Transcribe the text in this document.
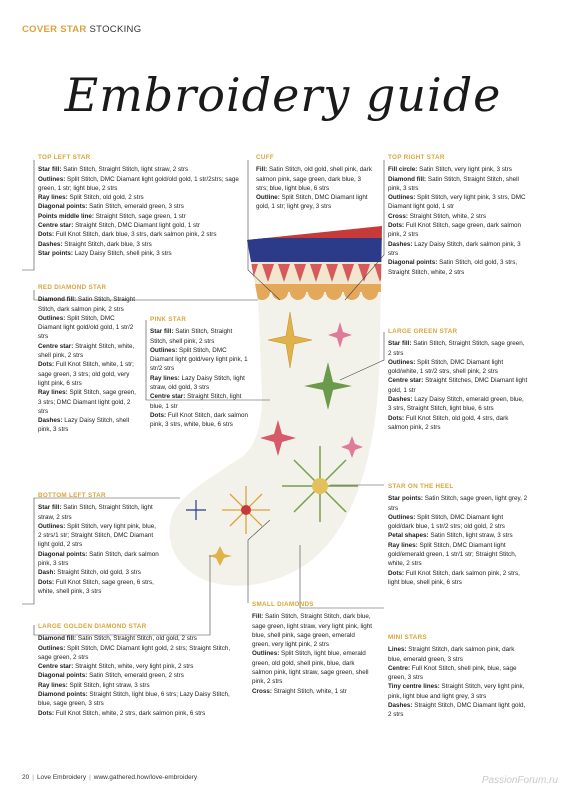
COVER STAR STOCKING
Embroidery guide
TOP LEFT STAR

Star fill: Satin Stitch, Straight Stitch, light straw, 2 strs

Outlines: Split Stitch, DMC Diamant light gold/old gold, 1 str/2strs; sage green, 1 str; light blue, 2 strs

Ray lines: Split Stitch, old gold, 2 strs

Diagonal points: Satin Stitch, emerald green, 3 strs

Points middle line: Straight Stitch, sage green, 1 str

Centre star: Straight Stitch, DMC Diamant light gold, 1 str

Dots: Full Knot Stitch, dark blue, 3 strs, dark salmon pink, 2 strs

Dashes: Straight Stitch, dark blue, 3 strs

Star points: Lazy Daisy Stitch, shell pink, 3 strs

CUFF

Fill: Satin Stitch, old gold, shell pink, dark salmon pink, sage green, dark blue, 3 strs; blue, light blue, 6 strs

Outline: Split Stitch, DMC Diamant light gold, 1 str; light grey, 3 strs

TOP RIGHT STAR

Fill circle: Satin Stitch, very light pink, 3 strs

Diamond fill: Satin Stitch, Straight Stitch, shell pink, 3 strs

Outlines: Split Stitch, very light pink, 3 strs, DMC Diamant light gold, 1 str

Cross: Straight Stitch, white, 2 strs

Dots: Full Knot Stitch, sage green, dark salmon pink, 2 strs

Dashes: Lazy Daisy Stitch, dark salmon pink, 3 strs

Diagonal points: Satin Stitch, old gold, 3 strs, Straight Stitch, white, 2 strs

RED DIAMOND STAR

Diamond fill: Satin Stitch, Straight Stitch, dark salmon pink, 2 strs

Outlines: Split Stitch, DMC Diamant light gold/old gold, 1 str/2 strs

Centre star: Straight Stitch, white, shell pink, 2 strs

Dots: Full Knot Stitch, white, 1 str; sage green, 3 strs; old gold, very light pink, 6 strs

Ray lines: Split Stitch, sage green, 3 strs; DMC Diamant light gold, 2 strs

Dashes: Lazy Daisy Stitch, shell pink, 3 strs

PINK STAR

Star fill: Satin Stitch, Straight Stitch, shell pink, 2 strs

Outlines: Split Stitch, DMC Diamant light gold/very light pink, 1 str/2 strs

Ray lines: Lazy Daisy Stitch, light straw, old gold, 3 strs

Centre star: Straight Stitch, light blue, 1 str

Dots: Full Knot Stitch, dark salmon pink, 3 strs, white, blue, 6 strs

LARGE GREEN STAR

Star fill: Satin Stitch, Straight Stitch, sage green, 2 strs

Outlines: Split Stitch, DMC Diamant light gold/white, 1 str/2 strs, shell pink, 2 strs

Centre star: Straight Stitches, DMC Diamant light gold, 1 str

Dashes: Lazy Daisy Stitch, emerald green, blue, 3 strs, Straight Stitch, light blue, 6 strs

Dots: Full Knot Stitch, old gold, 4 strs, dark salmon pink, 2 strs

BOTTOM LEFT STAR

Star fill: Satin Stitch, Straight Stitch, light straw, 2 strs

Outlines: Split Stitch, very light pink, blue, 2 strs/1 str; Straight Stitch, DMC Diamant light gold, 2 strs

Diagonal points: Satin Stitch, dark salmon pink, 3 strs

Dash: Straight Stitch, old gold, 3 strs

Dots: Full Knot Stitch, sage green, 6 strs, white, shell pink, 3 strs

STAR ON THE HEEL

Star points: Satin Stitch, sage green, light grey, 2 strs

Outlines: Split Stitch, DMC Diamant light gold/dark blue, 1 str/2 strs; old gold, 2 strs

Petal shapes: Satin Stitch, light straw, 3 strs

Ray lines: Split Stitch, DMC Diamant light gold/emerald green, 1 str/1 str; Straight Stitch, white, 2 strs

Dots: Full Knot Stitch, dark salmon pink, 2 strs, light blue, shell pink, 6 strs

LARGE GOLDEN DIAMOND STAR

Diamond fill: Satin Stitch, Straight Stitch, old gold, 2 strs

Outlines: Split Stitch, DMC Diamant light gold, 2 strs; Straight Stitch, sage green, 2 strs

Centre star: Straight Stitch, white, very light pink, 2 strs

Diagonal points: Satin Stitch, emerald green, 2 strs

Ray lines: Split Stitch, light straw, 3 strs

Diamond points: Straight Stitch, light blue, 6 strs; Lazy Daisy Stitch, blue, sage green, 3 strs

Dots: Full Knot Stitch, white, 2 strs, dark salmon pink, 6 strs

SMALL DIAMONDS

Fill: Satin Stitch, Straight Stitch, dark blue, sage green, light straw, very light pink, light blue, shell pink, sage green, emerald green, very light pink, 2 strs

Outlines: Split Stitch, light blue, emerald green, old gold, shell pink, blue, dark salmon pink, light straw, sage green, shell pink, 2 strs

Cross: Straight Stitch, white, 1 str

MINI STARS

Lines: Straight Stitch, dark salmon pink, dark blue, emerald green, 3 strs

Centre: Full Knot Stitch, shell pink, blue, sage green, 3 strs

Tiny centre lines: Straight Stitch, very light pink, pink, light blue and light grey, 3 strs

Dashes: Straight Stitch, DMC Diamant light gold, 2 strs

20 | Love Embroidery | www.gathered.how/love-embroidery	PassionForum.ru
